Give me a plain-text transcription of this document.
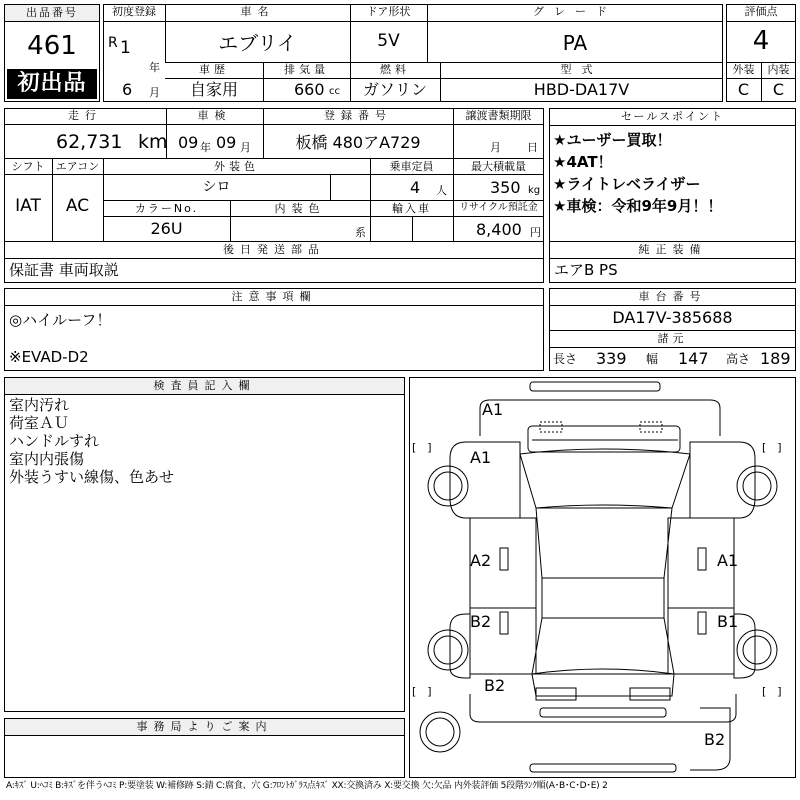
出品番号
461
初出品
初度登録
R 1
年
6 月
車名
エブリイ
ドア形状
5V
グレード
PA
車歴
自家用
排気量
660 cc
燃料
ガソリン
型式
HBD-DA17V
評価点
4
外装	内装
C	C
走行
62,731 km
車検
09 年 09 月
登録番号
板橋 480アA729
譲渡書類期限
月 日
シフト
IAT
エアコン
AC
外装色
シロ
乗車定員
4 人
最大積載量
350 kg
カラーNo.
26U
内装色
系
輸入車	リサイクル預託金
8,400 円
セールスポイント
★ユーザー買取！
★4AT！
★ライトレベライザー
★車検：令和9年9月！！
後日発送部品
保証書 車両取説
純正装備
エアB PS
注意事項欄
◎ハイルーフ！
※EVAD-D2
車台番号
DA17V-385688
諸元
長さ 339 幅 147 高さ 189
検査員記入欄
室内汚れ
荷室ＡＵ
ハンドルすれ
室内内張傷
外装うすい線傷、色あせ
事務局よりご案内
A1
A1
A2	A1
B2	B1
B2
B2
[　]	[　]
[　]	[　]
A:ｷｽﾞ U:ﾍｺﾐ B:ｷｽﾞを伴うﾍｺﾐ P:要塗装 W:補修跡 S:錆 C:腐食、穴 G:ﾌﾛﾝﾄｶﾞﾗｽ点ｷｽﾞ XX:交換済み X:要交換 欠:欠品 内外装評価 5段階ﾗﾝｸ順(A･B･C･D･E) 2
